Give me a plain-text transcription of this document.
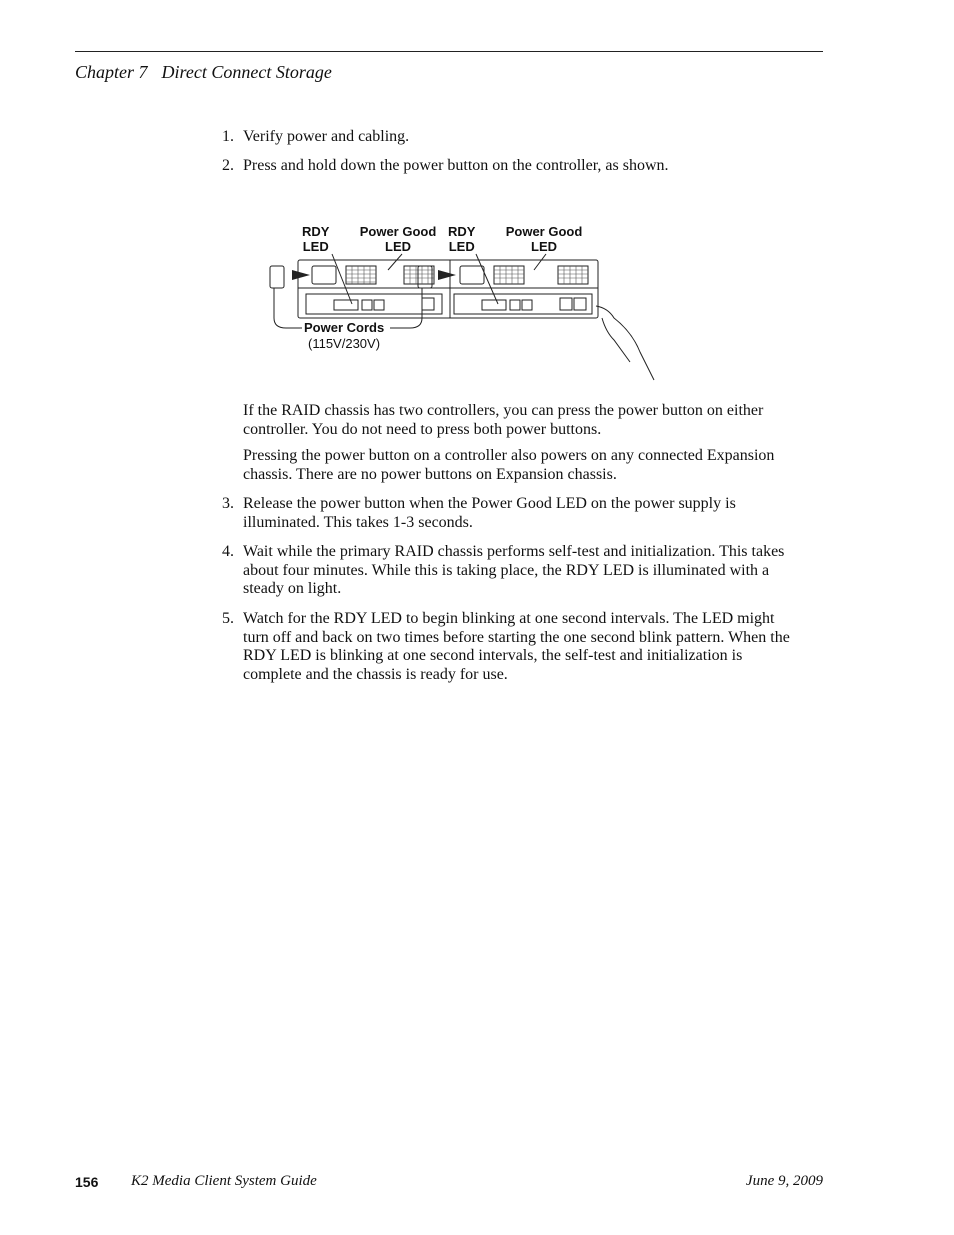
Chapter 7 Direct Connect Storage
1. Verify power and cabling.
2. Press and hold down the power button on the controller, as shown.
RDY
LED
Power Good
LED
RDY
LED
Power Good
LED
Power Cords
(115V/230V)
If the RAID chassis has two controllers, you can press the power button on either controller. You do not need to press both power buttons.
Pressing the power button on a controller also powers on any connected Expansion chassis. There are no power buttons on Expansion chassis.
3. Release the power button when the Power Good LED on the power supply is illuminated. This takes 1-3 seconds.
4. Wait while the primary RAID chassis performs self-test and initialization. This takes about four minutes. While this is taking place, the RDY LED is illuminated with a steady on light.
5. Watch for the RDY LED to begin blinking at one second intervals. The LED might turn off and back on two times before starting the one second blink pattern. When the RDY LED is blinking at one second intervals, the self-test and initialization is complete and the chassis is ready for use.
156 K2 Media Client System Guide	June 9, 2009
